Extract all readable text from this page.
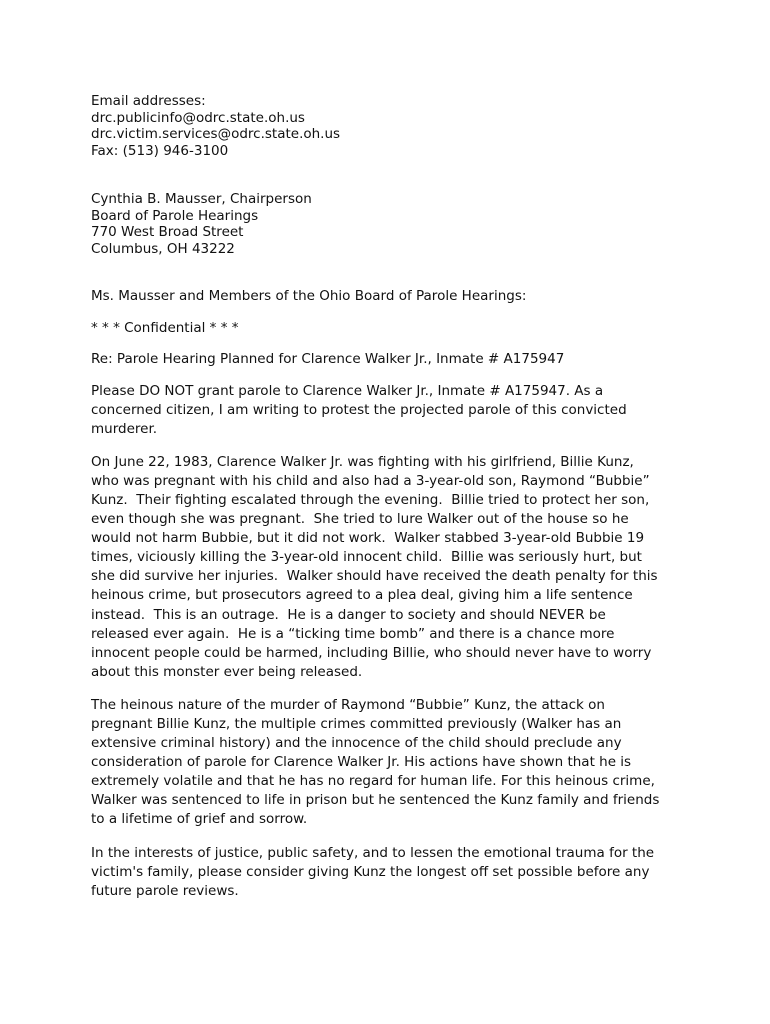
Email addresses:
drc.publicinfo@odrc.state.oh.us
drc.victim.services@odrc.state.oh.us
Fax: (513) 946-3100
Cynthia B. Mausser, Chairperson
Board of Parole Hearings
770 West Broad Street
Columbus, OH 43222
Ms. Mausser and Members of the Ohio Board of Parole Hearings:
* * * Confidential * * *
Re: Parole Hearing Planned for Clarence Walker Jr., Inmate # A175947
Please DO NOT grant parole to Clarence Walker Jr., Inmate # A175947. As a
concerned citizen, I am writing to protest the projected parole of this convicted
murderer.
On June 22, 1983, Clarence Walker Jr. was fighting with his girlfriend, Billie Kunz,
who was pregnant with his child and also had a 3-year-old son, Raymond “Bubbie”
Kunz.  Their fighting escalated through the evening.  Billie tried to protect her son,
even though she was pregnant.  She tried to lure Walker out of the house so he
would not harm Bubbie, but it did not work.  Walker stabbed 3-year-old Bubbie 19
times, viciously killing the 3-year-old innocent child.  Billie was seriously hurt, but
she did survive her injuries.  Walker should have received the death penalty for this
heinous crime, but prosecutors agreed to a plea deal, giving him a life sentence
instead.  This is an outrage.  He is a danger to society and should NEVER be
released ever again.  He is a “ticking time bomb” and there is a chance more
innocent people could be harmed, including Billie, who should never have to worry
about this monster ever being released.
The heinous nature of the murder of Raymond “Bubbie” Kunz, the attack on
pregnant Billie Kunz, the multiple crimes committed previously (Walker has an
extensive criminal history) and the innocence of the child should preclude any
consideration of parole for Clarence Walker Jr. His actions have shown that he is
extremely volatile and that he has no regard for human life. For this heinous crime,
Walker was sentenced to life in prison but he sentenced the Kunz family and friends
to a lifetime of grief and sorrow.
In the interests of justice, public safety, and to lessen the emotional trauma for the
victim's family, please consider giving Kunz the longest off set possible before any
future parole reviews.
